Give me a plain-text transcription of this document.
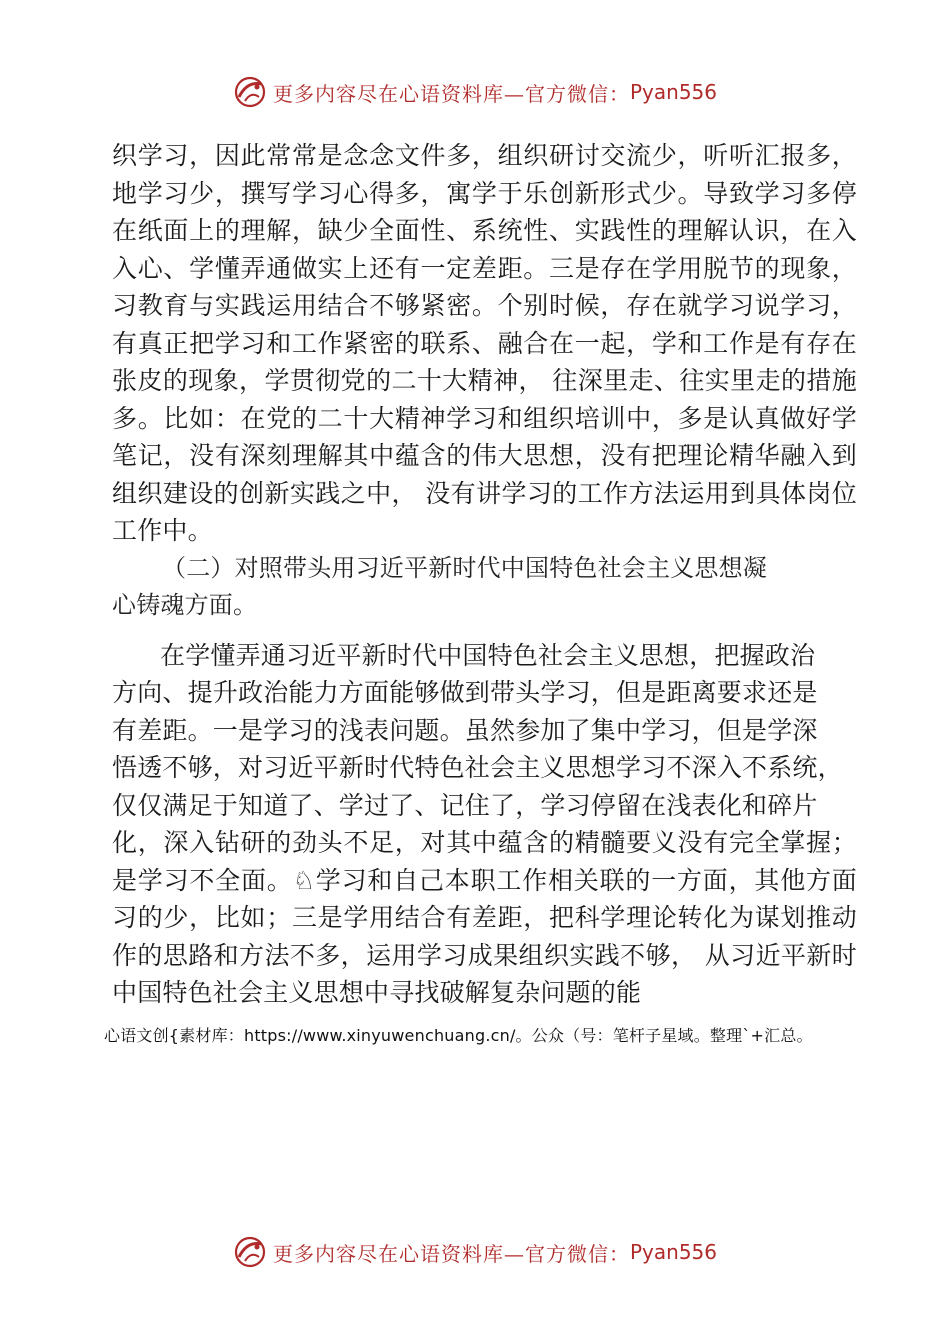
更多内容尽在心语资料库—官方微信： Pyan556
织学习，因此常常是念念文件多，组织研讨交流少，听听汇报多，
地学习少，撰写学习心得多，寓学于乐创新形式少。导致学习多停
在纸面上的理解，缺少全面性、系统性、实践性的理解认识，在入
入心、学懂弄通做实上还有一定差距。三是存在学用脱节的现象，
习教育与实践运用结合不够紧密。个别时候，存在就学习说学习，
有真正把学习和工作紧密的联系、融合在一起，学和工作是有存在
张皮的现象，学贯彻党的二十大精神， 往深里走、往实里走的措施
多。比如：在党的二十大精神学习和组织培训中，多是认真做好学
笔记，没有深刻理解其中蕴含的伟大思想，没有把理论精华融入到
组织建设的创新实践之中， 没有讲学习的工作方法运用到具体岗位
工作中。
（二）对照带头用习近平新时代中国特色社会主义思想凝
心铸魂方面。
在学懂弄通习近平新时代中国特色社会主义思想，把握政治
方向、提升政治能力方面能够做到带头学习，但是距离要求还是
有差距。一是学习的浅表问题。虽然参加了集中学习，但是学深
悟透不够，对习近平新时代特色社会主义思想学习不深入不系统，
仅仅满足于知道了、学过了、记住了，学习停留在浅表化和碎片
化，深入钻研的劲头不足，对其中蕴含的精髓要义没有完全掌握；
是学习不全面。♘学习和自己本职工作相关联的一方面，其他方面
习的少，比如；三是学用结合有差距，把科学理论转化为谋划推动
作的思路和方法不多，运用学习成果组织实践不够， 从习近平新时
中国特色社会主义思想中寻找破解复杂问题的能
心语文创{素材库：https://www.xinyuwenchuang.cn/。公众（号：笔杆子星域。整理`+汇总。
更多内容尽在心语资料库—官方微信： Pyan556
